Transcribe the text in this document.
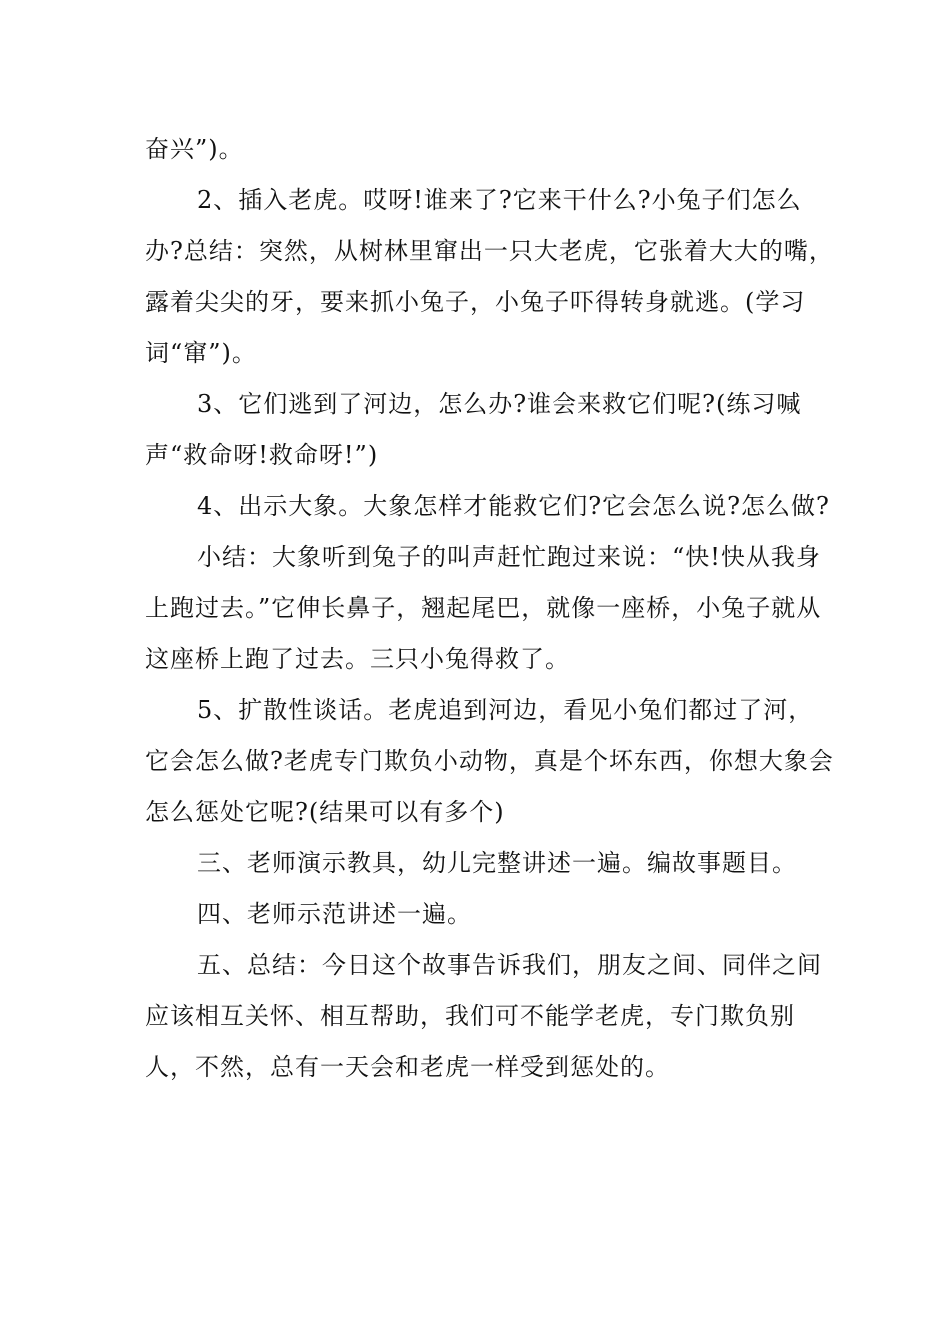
奋兴”)。

2、插入老虎。哎呀!谁来了?它来干什么?小兔子们怎么办?总结：突然，从树林里窜出一只大老虎，它张着大大的嘴，露着尖尖的牙，要来抓小兔子，小兔子吓得转身就逃。(学习词“窜”)。

3、它们逃到了河边，怎么办?谁会来救它们呢?(练习喊声“救命呀!救命呀!”)

4、出示大象。大象怎样才能救它们?它会怎么说?怎么做?

小结：大象听到兔子的叫声赶忙跑过来说：“快!快从我身上跑过去。”它伸长鼻子，翘起尾巴，就像一座桥，小兔子就从这座桥上跑了过去。三只小兔得救了。

5、扩散性谈话。老虎追到河边，看见小兔们都过了河，它会怎么做?老虎专门欺负小动物，真是个坏东西，你想大象会怎么惩处它呢?(结果可以有多个)

三、老师演示教具，幼儿完整讲述一遍。编故事题目。

四、老师示范讲述一遍。

五、总结：今日这个故事告诉我们，朋友之间、同伴之间应该相互关怀、相互帮助，我们可不能学老虎，专门欺负别人，不然，总有一天会和老虎一样受到惩处的。
